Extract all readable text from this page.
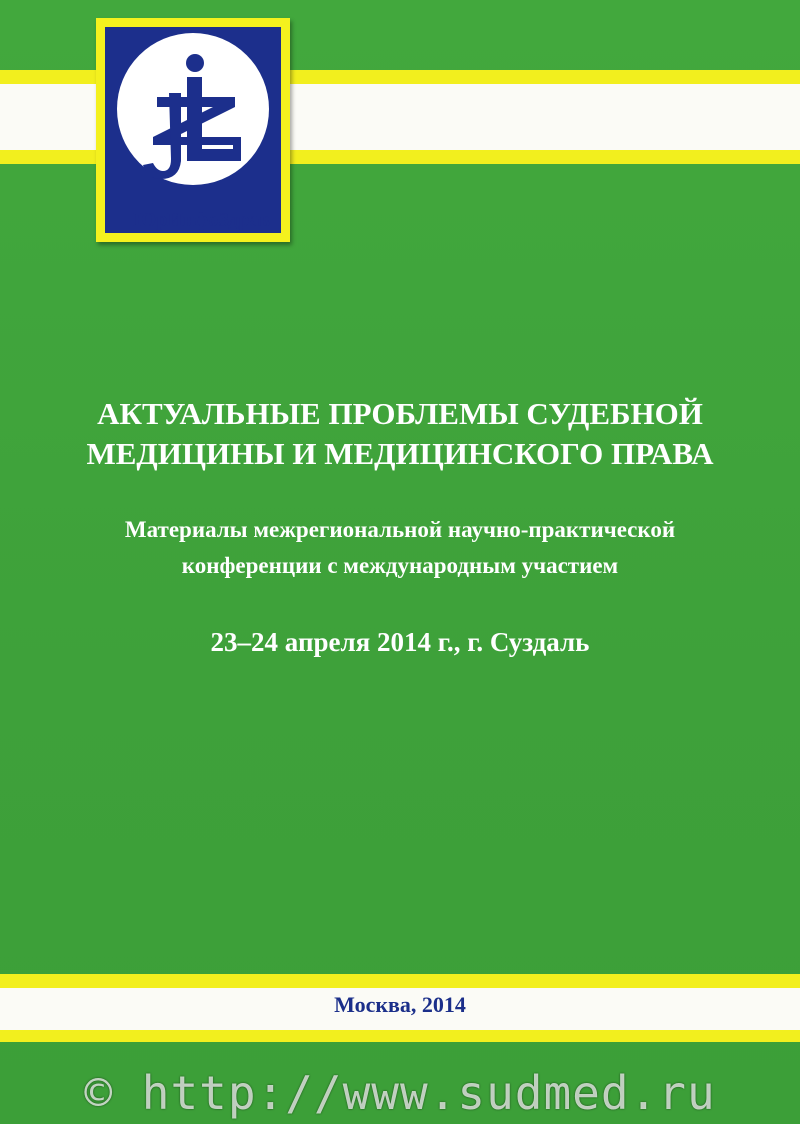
ЮрИнфоЗдрав
АКТУАЛЬНЫЕ ПРОБЛЕМЫ СУДЕБНОЙ
МЕДИЦИНЫ И МЕДИЦИНСКОГО ПРАВА
Материалы межрегиональной научно-практической
конференции с международным участием
23–24 апреля 2014 г., г. Суздаль
Москва, 2014
© http://www.sudmed.ru
